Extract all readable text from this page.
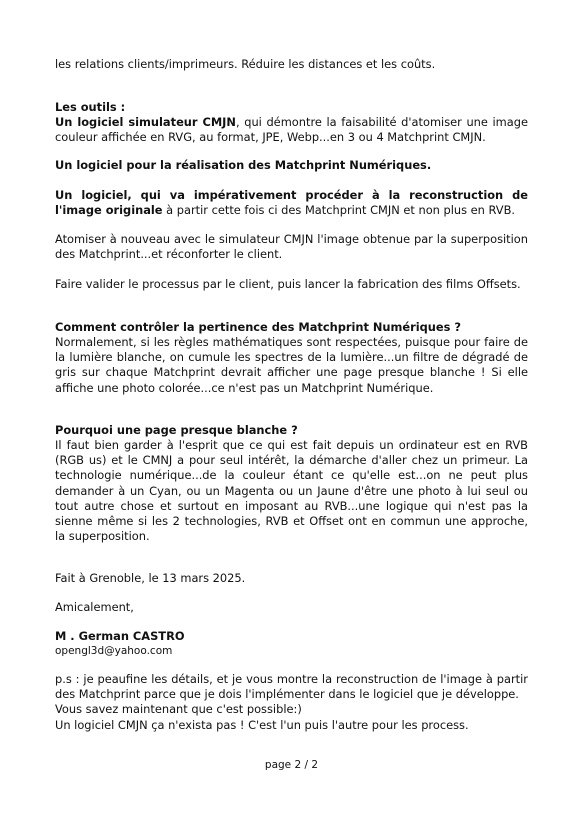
les relations clients/imprimeurs. Réduire les distances et les coûts.

Les outils :

Un logiciel simulateur CMJN, qui démontre la faisabilité d'atomiser une image couleur affichée en RVG, au format, JPE, Webp...en 3 ou 4 Matchprint CMJN.

Un logiciel pour la réalisation des Matchprint Numériques.

Un logiciel, qui va impérativement procéder à la reconstruction de l'image originale à partir cette fois ci des Matchprint CMJN et non plus en RVB.

Atomiser à nouveau avec le simulateur CMJN l'image obtenue par la superposition des Matchprint...et réconforter le client.

Faire valider le processus par le client, puis lancer la fabrication des films Offsets.

Comment contrôler la pertinence des Matchprint Numériques ?

Normalement, si les règles mathématiques sont respectées, puisque pour faire de la lumière blanche, on cumule les spectres de la lumière...un filtre de dégradé de gris sur chaque Matchprint devrait afficher une page presque blanche ! Si elle affiche une photo colorée...ce n'est pas un Matchprint Numérique.

Pourquoi une page presque blanche ?

Il faut bien garder à l'esprit que ce qui est fait depuis un ordinateur est en RVB (RGB us) et le CMNJ a pour seul intérêt, la démarche d'aller chez un primeur. La technologie numérique...de la couleur étant ce qu'elle est...on ne peut plus demander à un Cyan, ou un Magenta ou un Jaune d'être une photo à lui seul ou tout autre chose et surtout en imposant au RVB...une logique qui n'est pas la sienne même si les 2 technologies, RVB et Offset ont en commun une approche, la superposition.

Fait à Grenoble, le 13 mars 2025.

Amicalement,

M . German CASTRO

opengl3d@yahoo.com

p.s : je peaufine les détails, et je vous montre la reconstruction de l'image à partir des Matchprint parce que je dois l'implémenter dans le logiciel que je développe.

Vous savez maintenant que c'est possible:)

Un logiciel CMJN ça n'exista pas ! C'est l'un puis l'autre pour les process.

page 2 / 2
